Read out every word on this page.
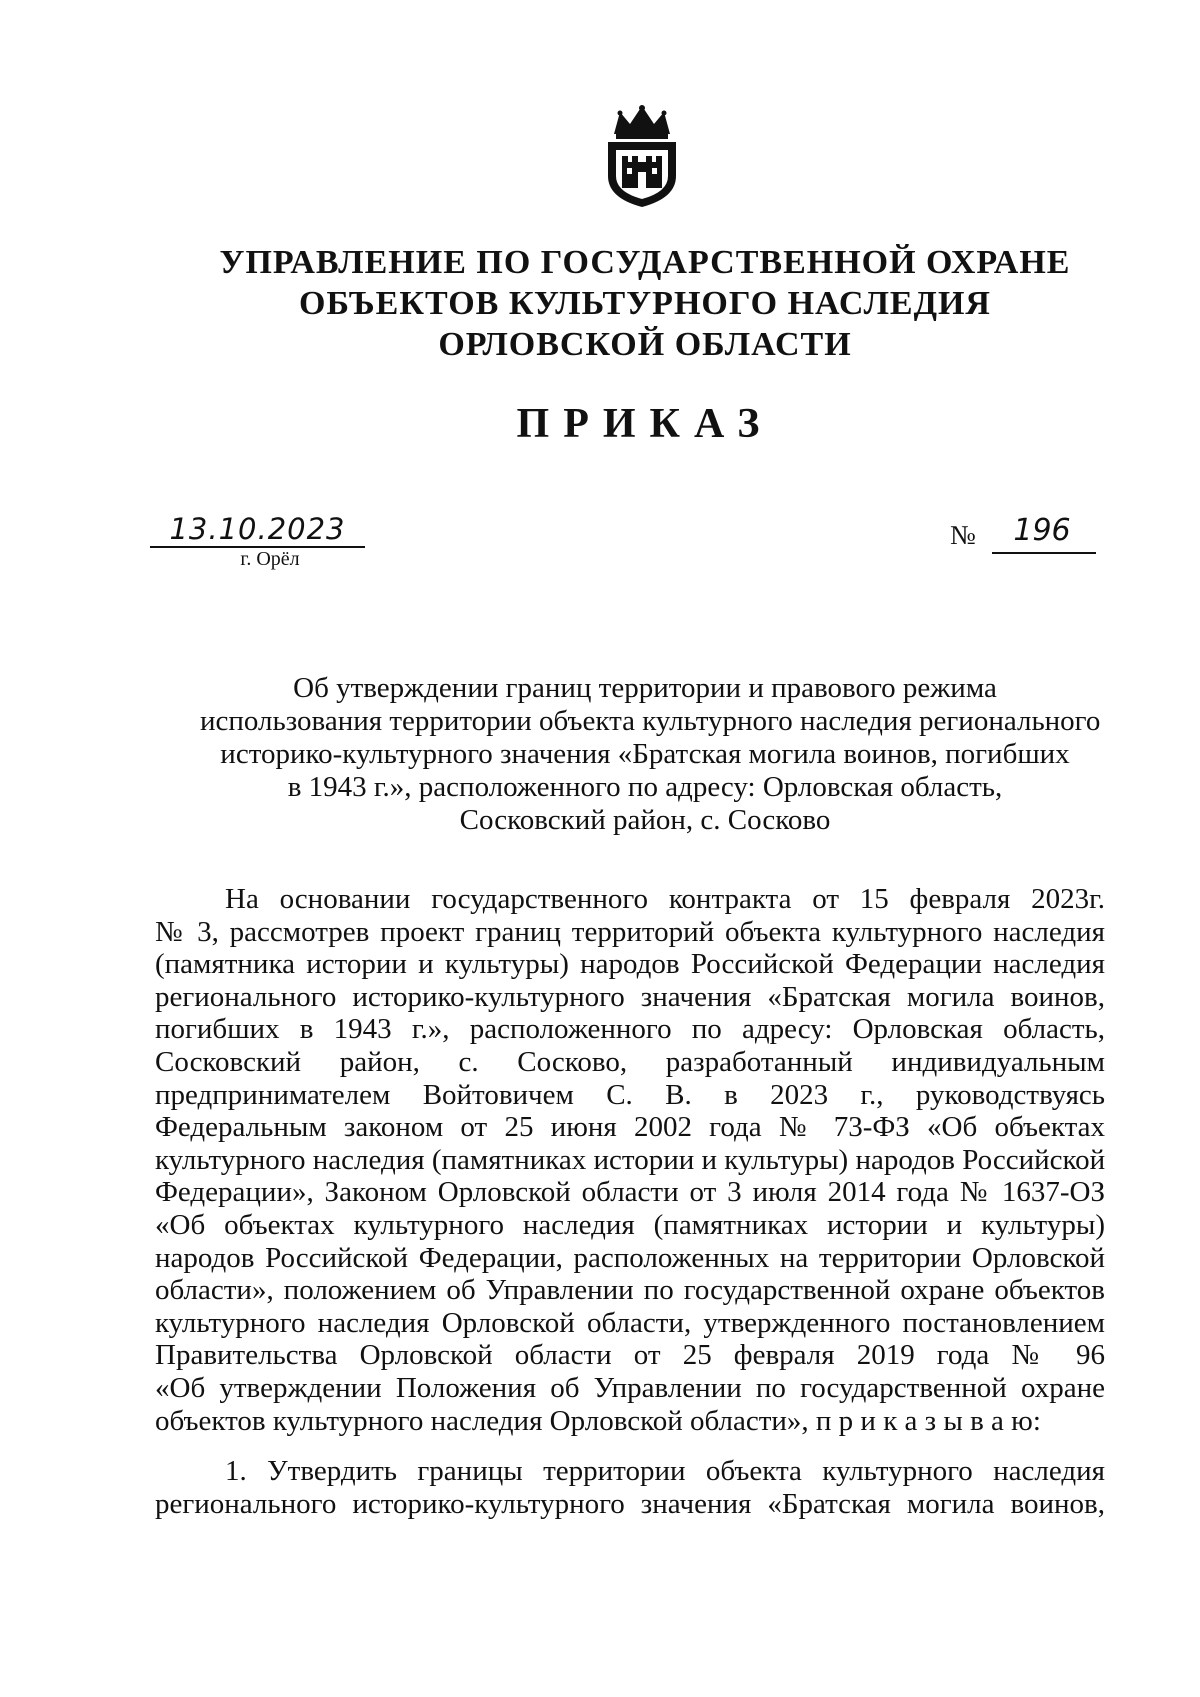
УПРАВЛЕНИЕ ПО ГОСУДАРСТВЕННОЙ ОХРАНЕ
ОБЪЕКТОВ КУЛЬТУРНОГО НАСЛЕДИЯ
ОРЛОВСКОЙ ОБЛАСТИ
ПРИКАЗ
13.10.2023
г. Орёл
№	196
Об утверждении границ территории и правового режима
использования территории объекта культурного наследия регионального
историко-культурного значения «Братская могила воинов, погибших
в 1943 г.», расположенного по адресу: Орловская область,
Сосковский район, с. Сосково
На основании государственного контракта от 15 февраля 2023г.
№ 3, рассмотрев проект границ территорий объекта культурного наследия
(памятника истории и культуры) народов Российской Федерации наследия
регионального историко-культурного значения «Братская могила воинов,
погибших в 1943 г.», расположенного по адресу: Орловская область,
Сосковский район, с. Сосково, разработанный индивидуальным
предпринимателем Войтовичем С. В. в 2023 г., руководствуясь
Федеральным законом от 25 июня 2002 года № 73-ФЗ «Об объектах
культурного наследия (памятниках истории и культуры) народов Российской
Федерации», Законом Орловской области от 3 июля 2014 года № 1637-ОЗ
«Об объектах культурного наследия (памятниках истории и культуры)
народов Российской Федерации, расположенных на территории Орловской
области», положением об Управлении по государственной охране объектов
культурного наследия Орловской области, утвержденного постановлением
Правительства Орловской области от 25 февраля 2019 года № 96
«Об утверждении Положения об Управлении по государственной охране
объектов культурного наследия Орловской области», п р и к а з ы в а ю:
1. Утвердить границы территории объекта культурного наследия
регионального историко-культурного значения «Братская могила воинов,
